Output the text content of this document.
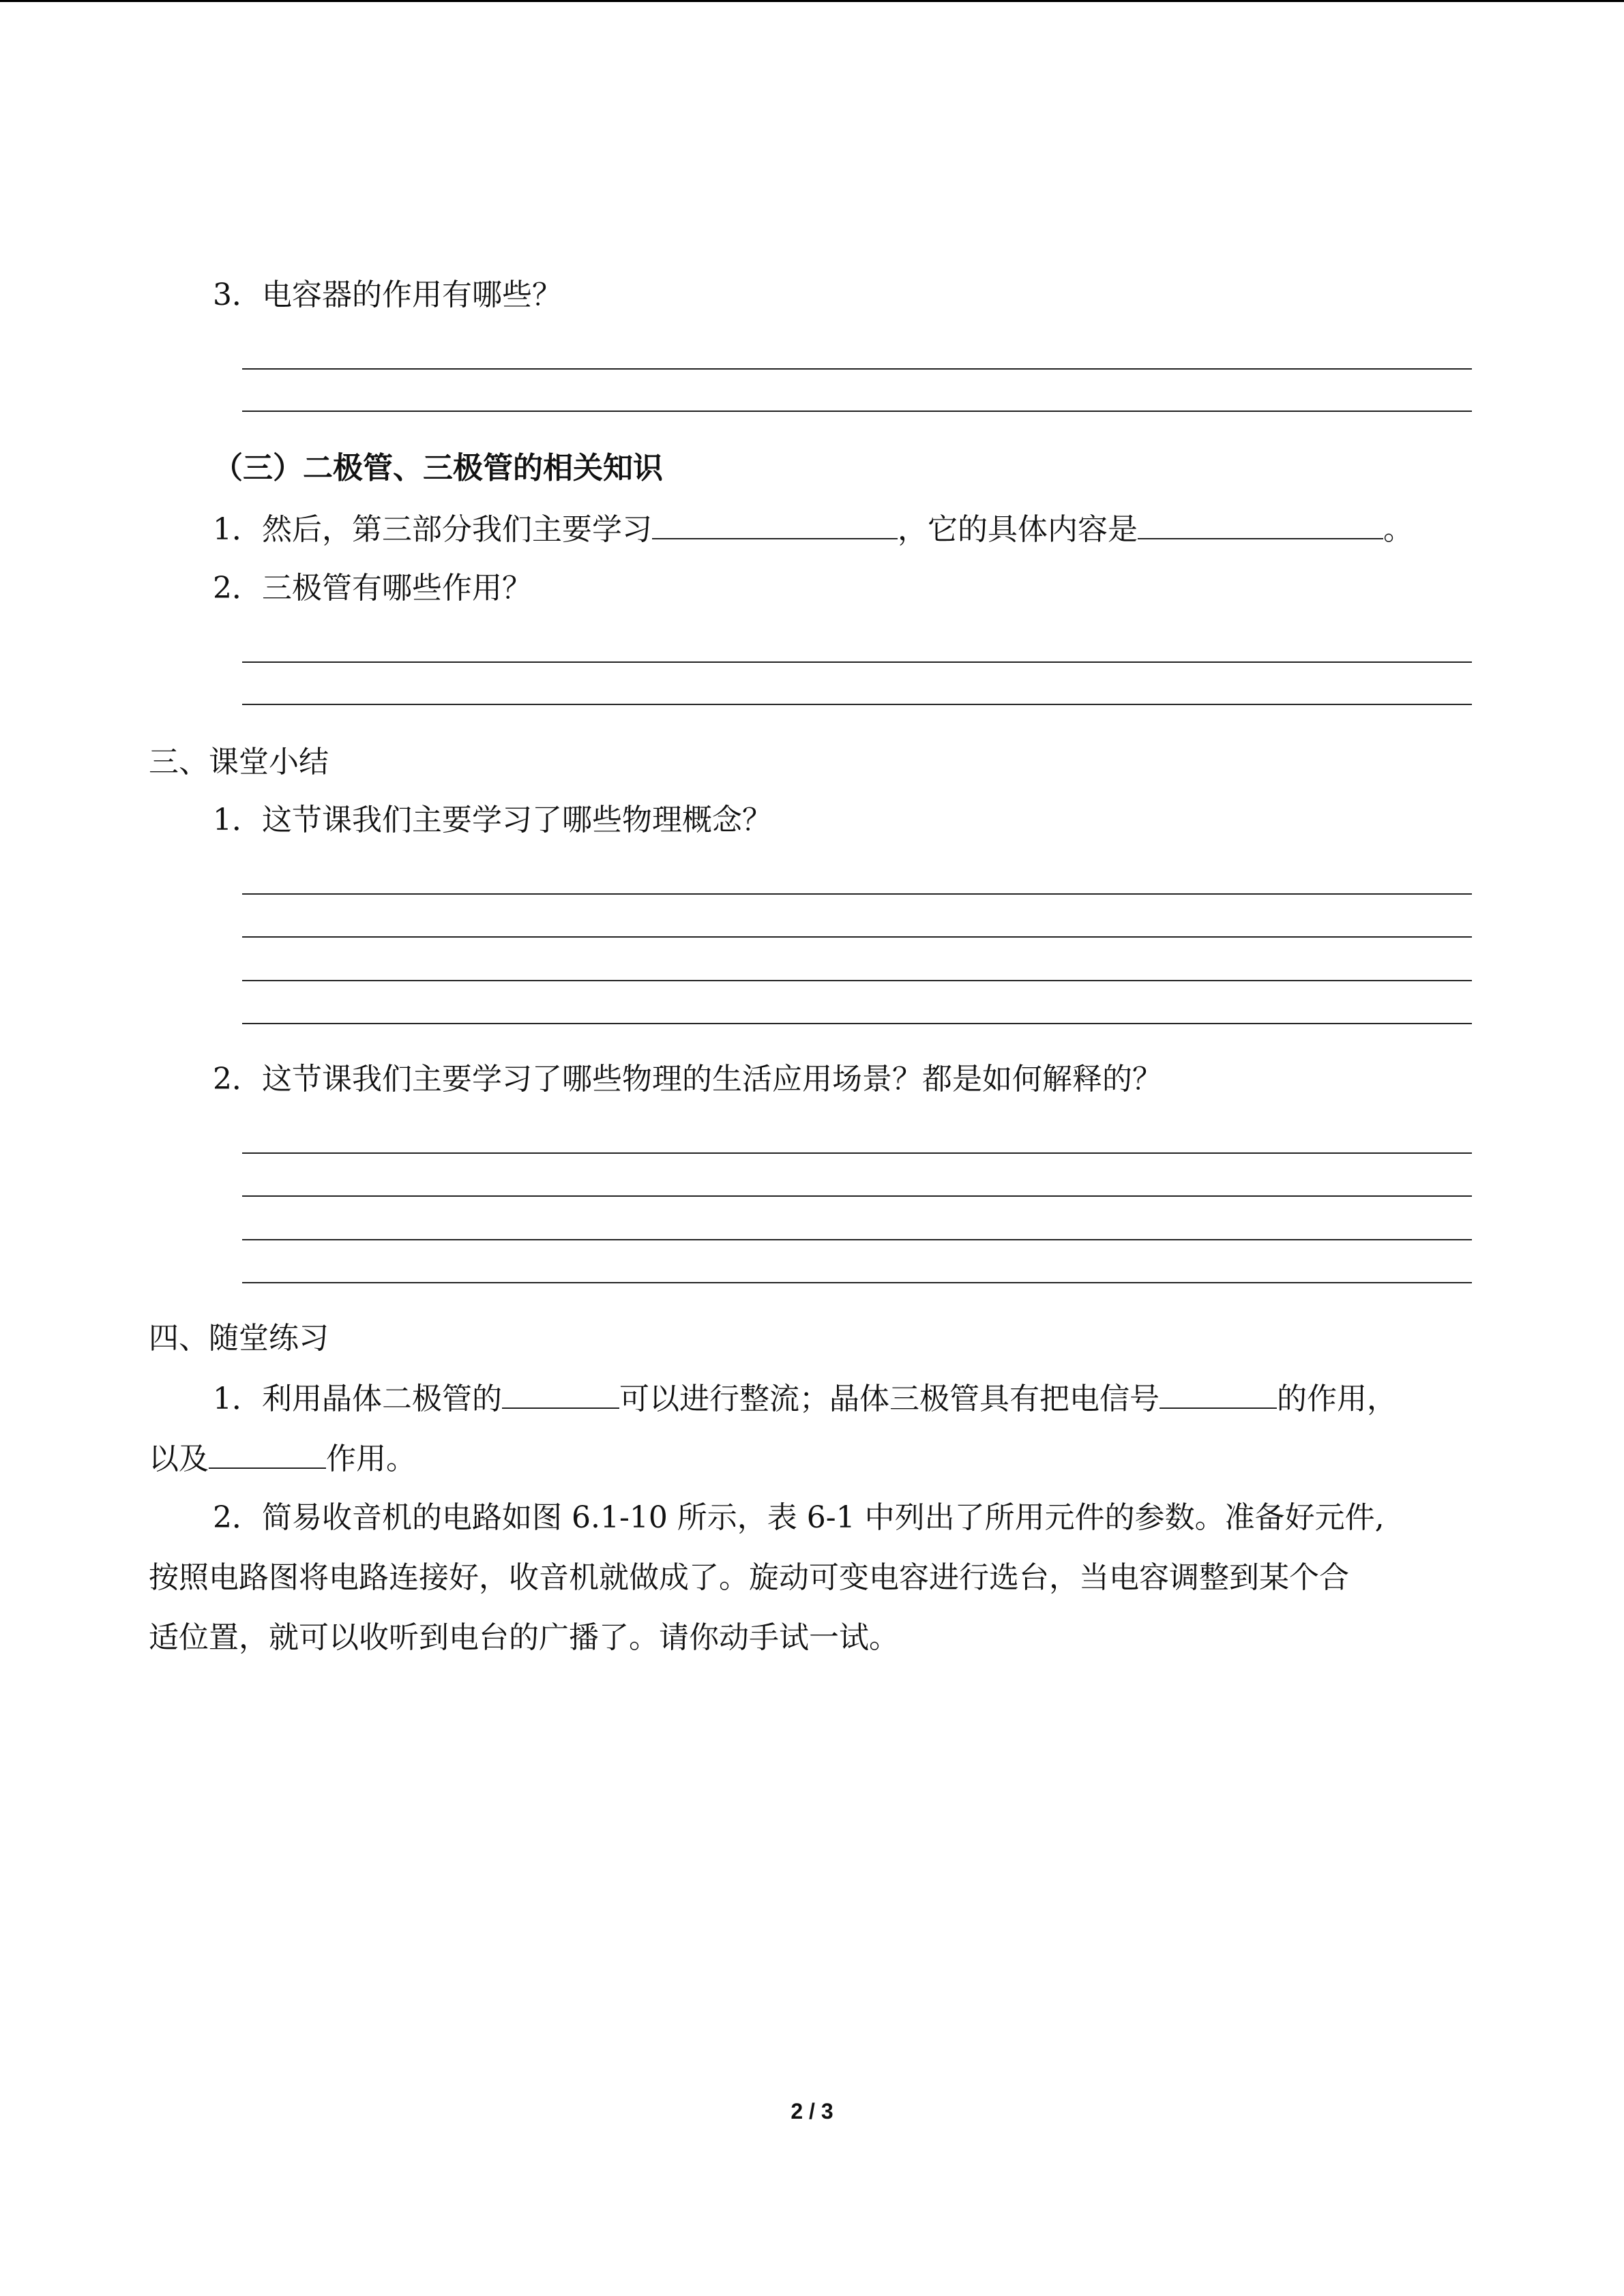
3．电容器的作用有哪些？
（三）二极管、三极管的相关知识
1．然后，第三部分我们主要学习	，它的具体内容是	。
2．三极管有哪些作用？
三、课堂小结
1．这节课我们主要学习了哪些物理概念？
2．这节课我们主要学习了哪些物理的生活应用场景？都是如何解释的？
四、随堂练习
1．利用晶体二极管的	可以进行整流；晶体三极管具有把电信号	的作用，
以及	作用。
2．简易收音机的电路如图 6.1-10 所示，表 6-1 中列出了所用元件的参数。准备好元件,
按照电路图将电路连接好，收音机就做成了。旋动可变电容进行选台，当电容调整到某个合
适位置，就可以收听到电台的广播了。请你动手试一试。
2 / 3
